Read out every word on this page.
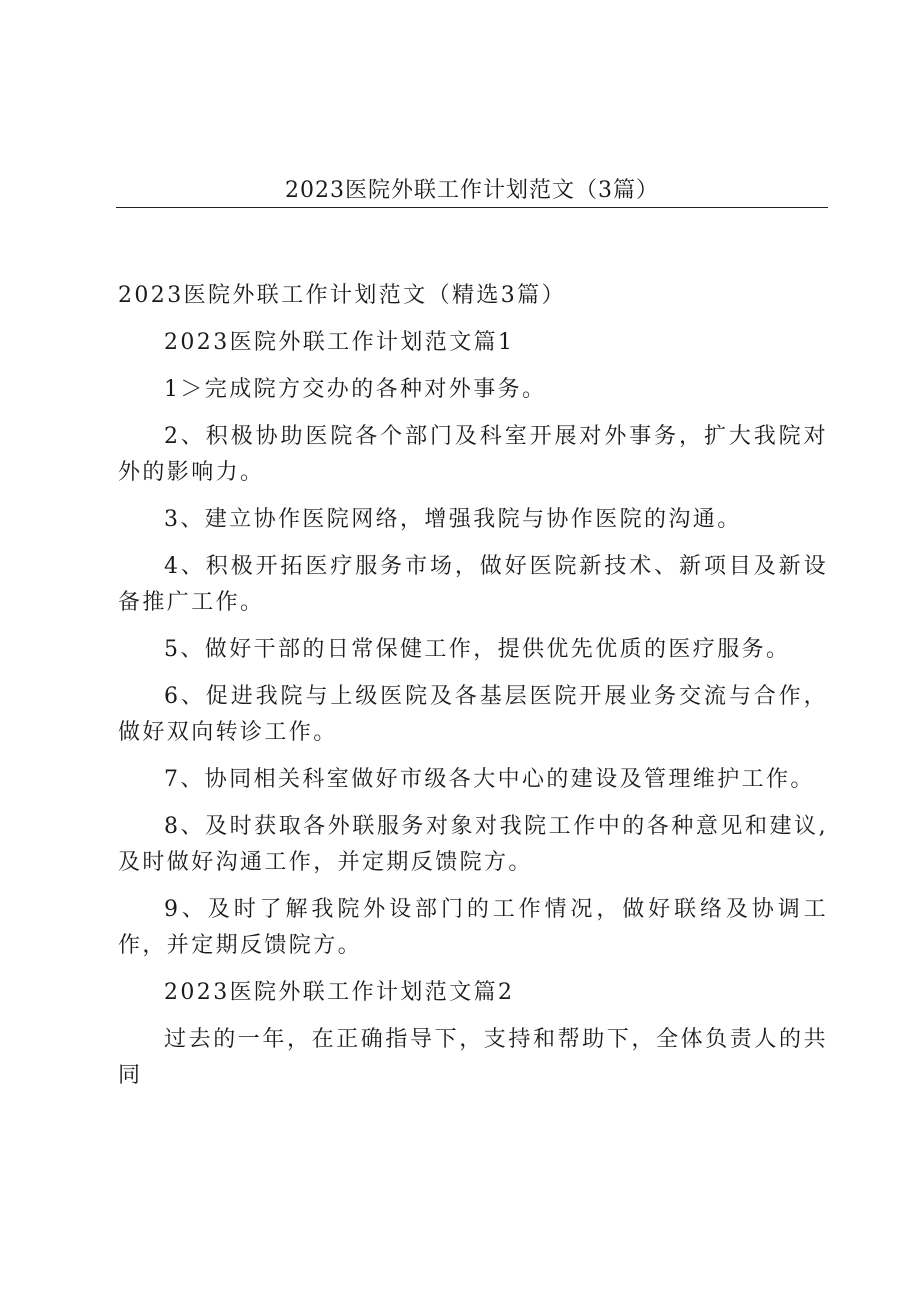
2023医院外联工作计划范文（3篇）

2023医院外联工作计划范文（精选3篇）

2023医院外联工作计划范文篇1

1＞完成院方交办的各种对外事务。

2、积极协助医院各个部门及科室开展对外事务，扩大我院对外的影响力。

3、建立协作医院网络，增强我院与协作医院的沟通。

4、积极开拓医疗服务市场，做好医院新技术、新项目及新设备推广工作。

5、做好干部的日常保健工作，提供优先优质的医疗服务。

6、促进我院与上级医院及各基层医院开展业务交流与合作，做好双向转诊工作。

7、协同相关科室做好市级各大中心的建设及管理维护工作。

8、及时获取各外联服务对象对我院工作中的各种意见和建议,及时做好沟通工作，并定期反馈院方。

9、及时了解我院外设部门的工作情况，做好联络及协调工作，并定期反馈院方。

2023医院外联工作计划范文篇2

过去的一年，在正确指导下，支持和帮助下，全体负责人的共同
